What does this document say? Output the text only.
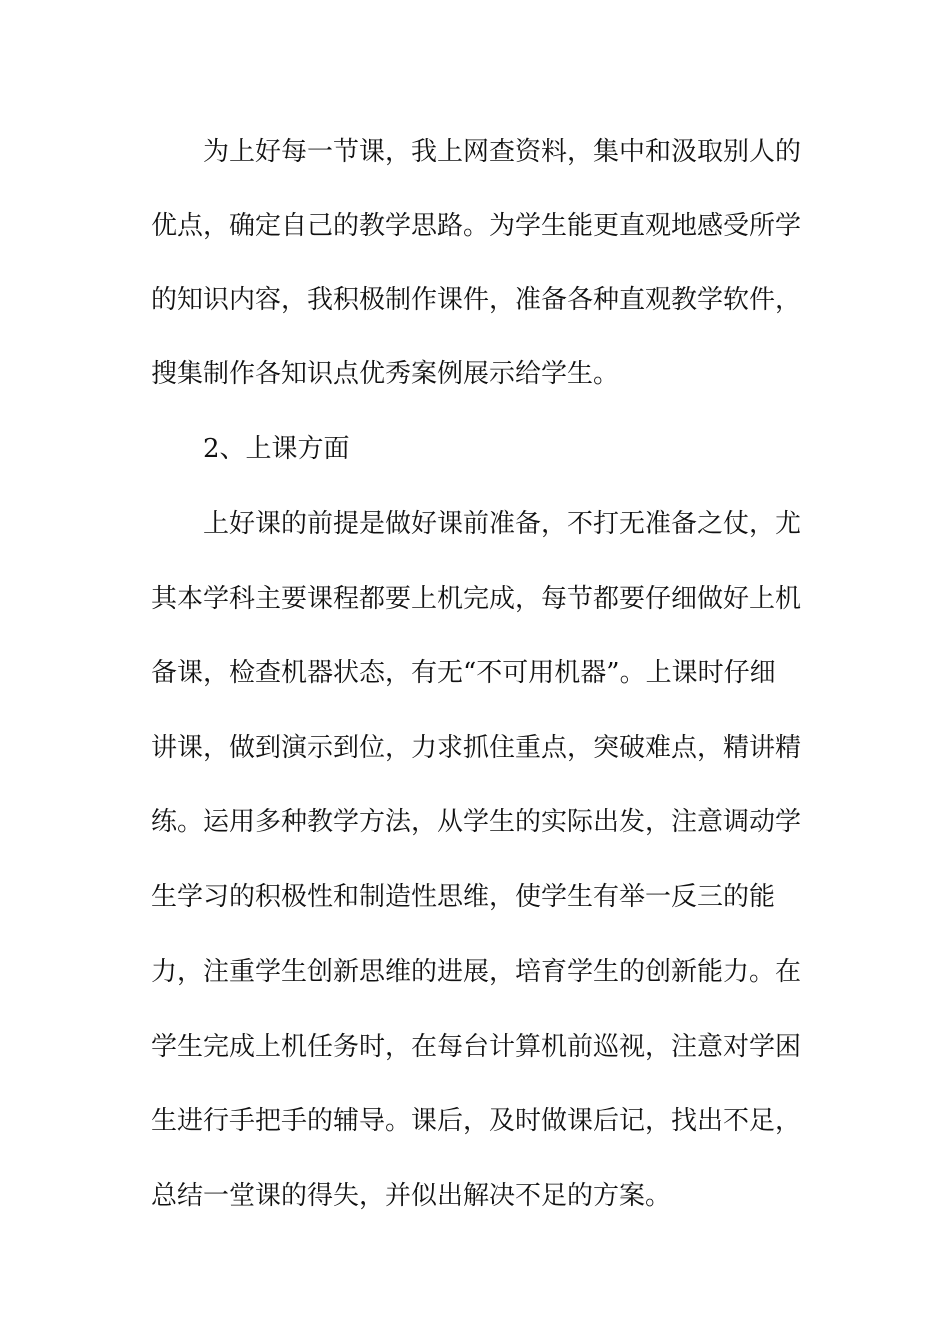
为上好每一节课，我上网查资料，集中和汲取别人的

优点，确定自己的教学思路。为学生能更直观地感受所学

的知识内容，我积极制作课件，准备各种直观教学软件，

搜集制作各知识点优秀案例展示给学生。

2、上课方面

上好课的前提是做好课前准备，不打无准备之仗，尤

其本学科主要课程都要上机完成，每节都要仔细做好上机

备课，检查机器状态，有无“不可用机器”。上课时仔细

讲课，做到演示到位，力求抓住重点，突破难点，精讲精

练。运用多种教学方法，从学生的实际出发，注意调动学

生学习的积极性和制造性思维，使学生有举一反三的能

力，注重学生创新思维的进展，培育学生的创新能力。在

学生完成上机任务时，在每台计算机前巡视，注意对学困

生进行手把手的辅导。课后，及时做课后记，找出不足，

总结一堂课的得失，并似出解决不足的方案。
